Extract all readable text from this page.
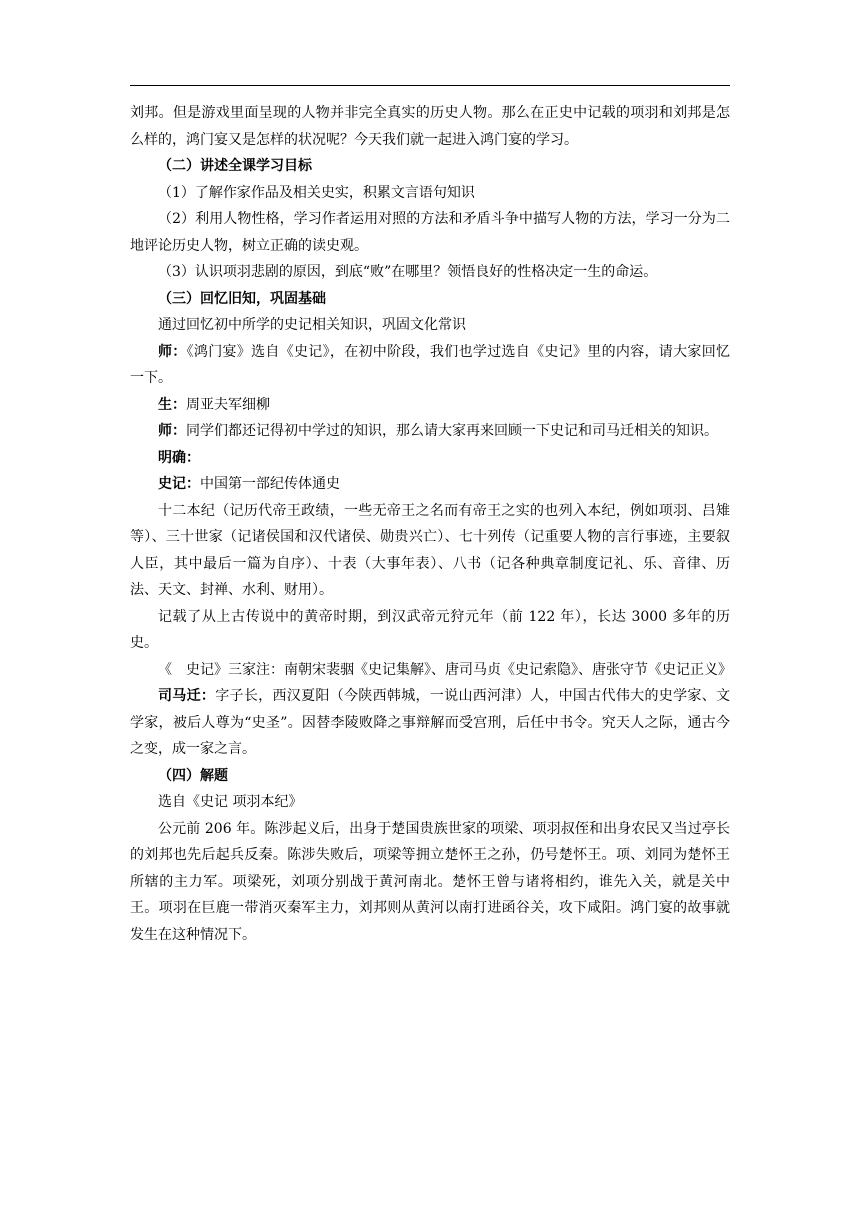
刘邦。但是游戏里面呈现的人物并非完全真实的历史人物。那么在正史中记载的项羽和刘邦是怎么样的，鸿门宴又是怎样的状况呢？今天我们就一起进入鸿门宴的学习。

（二）讲述全课学习目标

（1）了解作家作品及相关史实，积累文言语句知识

（2）利用人物性格，学习作者运用对照的方法和矛盾斗争中描写人物的方法，学习一分为二地评论历史人物，树立正确的读史观。

（3）认识项羽悲剧的原因，到底“败”在哪里？领悟良好的性格决定一生的命运。

（三）回忆旧知，巩固基础

通过回忆初中所学的史记相关知识，巩固文化常识

师：《鸿门宴》选自《史记》，在初中阶段，我们也学过选自《史记》里的内容，请大家回忆一下。

生：周亚夫军细柳

师：同学们都还记得初中学过的知识，那么请大家再来回顾一下史记和司马迁相关的知识。

明确：

史记：中国第一部纪传体通史

十二本纪（记历代帝王政绩，一些无帝王之名而有帝王之实的也列入本纪，例如项羽、吕雉等）、三十世家（记诸侯国和汉代诸侯、勋贵兴亡）、七十列传（记重要人物的言行事迹，主要叙人臣，其中最后一篇为自序）、十表（大事年表）、八书（记各种典章制度记礼、乐、音律、历法、天文、封禅、水利、财用）。

记载了从上古传说中的黄帝时期，到汉武帝元狩元年（前 122 年），长达 3000 多年的历史。

《　史记》三家注：南朝宋裴骃《史记集解》、唐司马贞《史记索隐》、唐张守节《史记正义》

司马迁：字子长，西汉夏阳（今陕西韩城，一说山西河津）人，中国古代伟大的史学家、文学家，被后人尊为“史圣”。因替李陵败降之事辩解而受宫刑，后任中书令。究天人之际，通古今之变，成一家之言。

（四）解题

选自《史记 项羽本纪》

公元前 206 年。陈涉起义后，出身于楚国贵族世家的项梁、项羽叔侄和出身农民又当过亭长的刘邦也先后起兵反秦。陈涉失败后，项梁等拥立楚怀王之孙，仍号楚怀王。项、刘同为楚怀王所辖的主力军。项梁死，刘项分别战于黄河南北。楚怀王曾与诸将相约，谁先入关，就是关中王。项羽在巨鹿一带消灭秦军主力，刘邦则从黄河以南打进函谷关，攻下咸阳。鸿门宴的故事就发生在这种情况下。
